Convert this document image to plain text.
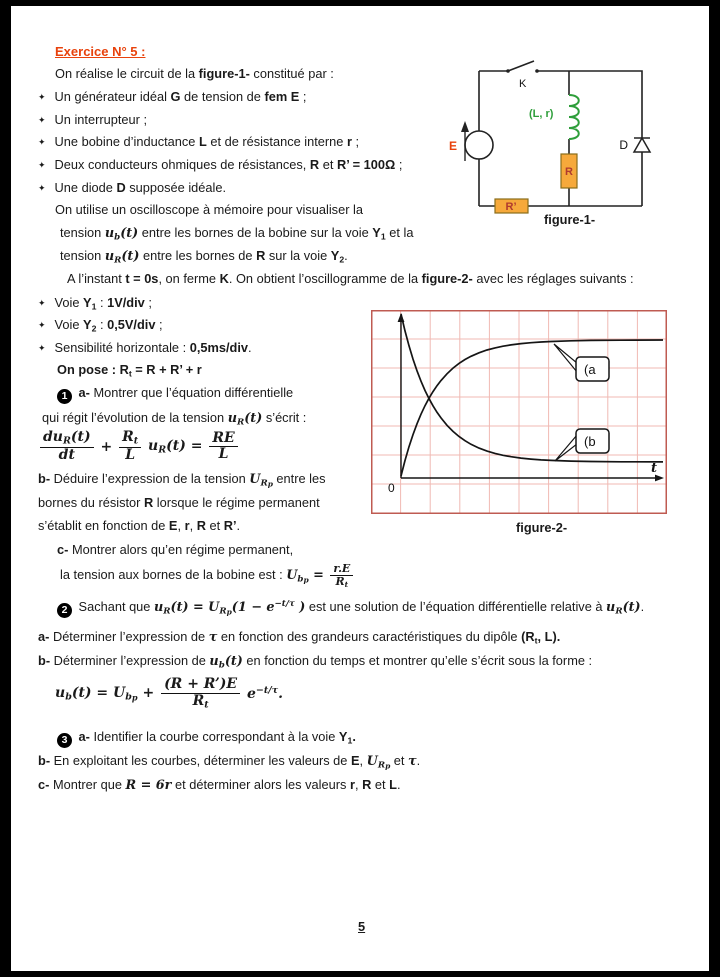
Exercice N° 5 :
On réalise le circuit de la figure-1- constitué par :
✦ Un générateur idéal G de tension de fem E ;
✦ Un interrupteur ;
✦ Une bobine d’inductance L et de résistance interne r ;
✦ Deux conducteurs ohmiques de résistances, R et R’ = 100Ω ;
✦ Une diode D supposée idéale.
On utilise un oscilloscope à mémoire pour visualiser la
tension $u_b(t)$ entre les bornes de la bobine sur la voie $Y_1$ et la
tension $u_R(t)$ entre les bornes de R sur la voie $Y_2$.
A l’instant t = 0s, on ferme K. On obtient l’oscillogramme de la figure-2- avec les réglages suivants :
✦ Voie $Y_1$ : 1V/div ;
✦ Voie $Y_2$ : 0,5V/div ;
✦ Sensibilité horizontale : 0,5ms/div.
On pose : $R_t = R + R$’ + r
1 a- Montrer que l’équation différentielle
qui régit l’évolution de la tension $u_R(t)$ s’écrit :
$\frac{du_R(t)}{dt} + \frac{R_t}{L} u_R(t) = \frac{RE}{L}$
b- Déduire l’expression de la tension $U_{Rp}$ entre les
bornes du résistor R lorsque le régime permanent
s’établit en fonction de E, r, R et R’.
c- Montrer alors qu’en régime permanent,
la tension aux bornes de la bobine est : $U_{bp} = \frac{r.E}{R_t}$
2 Sachant que $u_R(t) = U_{Rp}(1 - e^{-t/\tau}$ ) est une solution de l’équation différentielle relative à $u_R(t)$.
a- Déterminer l’expression de τ en fonction des grandeurs caractéristiques du dipôle ($R_t$, L).
b- Déterminer l’expression de $u_b(t)$ en fonction du temps et montrer qu’elle s’écrit sous la forme :
$u_b(t) = U_{bp} + \frac{(R + R’)E}{R_t} e^{-t/\tau}$.
3 a- Identifier la courbe correspondant à la voie $Y_1$.
b- En exploitant les courbes, déterminer les valeurs de E, $U_{Rp}$ et τ.
c- Montrer que R = 6r et déterminer alors les valeurs r, R et L.
K
E
(L, r)
R
R’
D
figure-1-
0
t
(a
(b
figure-2-
5
